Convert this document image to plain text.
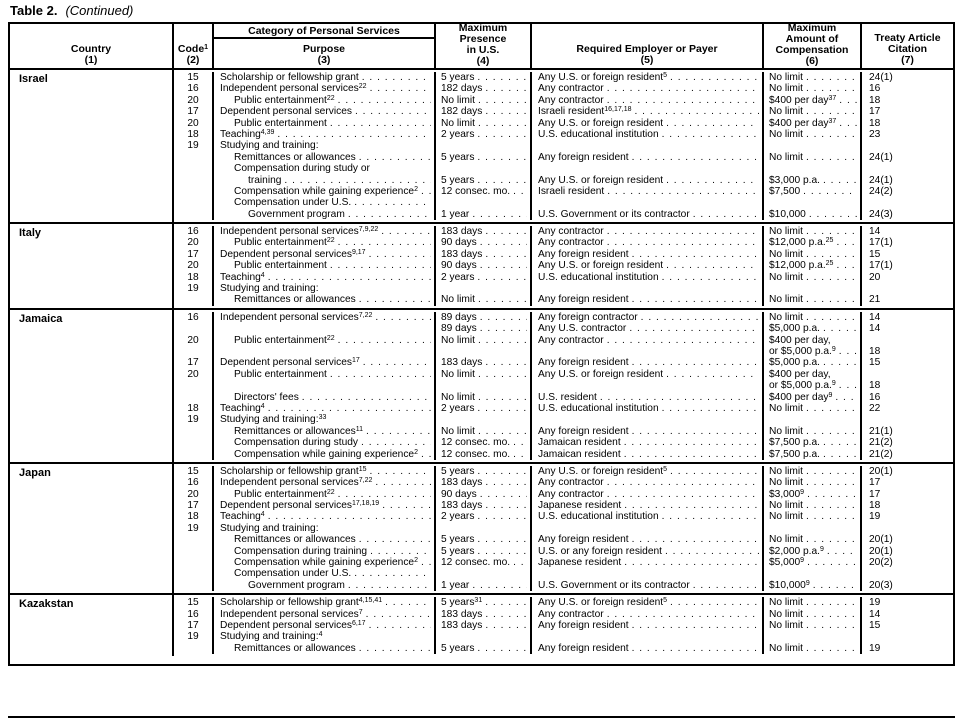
Table 2. (Continued)
Country
(1)
Code$^1$
(2)
Category of Personal Services
Purpose
(3)
Maximum
Presence
in U.S.
(4)
Required Employer or Payer
(5)
Maximum
Amount of
Compensation
(6)
Treaty Article
Citation
(7)
Israel	15 Scholarship or fellowship grant . . .	5 years . . .	Any U.S. or foreign resident 5 . . .	No limit . . .	24(1)
16 Independent personal services 22 . . .	182 days . . .	Any contractor . . .	No limit . . .	16
20	Public entertainment 22 . . .	No limit . . .	Any contractor . . .	$400 per day 37 . . .	18
17 Dependent personal services . . .	182 days . . .	Israeli resident 16,17,18 . . .	No limit . . .	17
20	Public entertainment . . .	No limit . . .	Any U.S. or foreign resident . . .	$400 per day 37 . . .	18
18 Teaching 4,39 . . .	2 years . . .	U.S. educational institution . . .	No limit . . .	23
19 Studying and training:
Remittances or allowances . . .	5 years . . .	Any foreign resident . . .	No limit . . .	24(1)
Compensation during study or
training . . .	5 years . . .	Any U.S. or foreign resident . . .	$3,000 p.a. . . .	24(1)
Compensation while gaining experience 2 . . . 12 consec. mo. . . .	Israeli resident . . .	$7,500 . . .	24(2)
Compensation under U.S.
. . .
Government program . . .	1 year . . .	U.S. Government or its contractor . . .	$10,000 . . .	24(3)
Italy	16 Independent personal services 7,9,22 . . .	183 days . . .	Any contractor . . .	No limit . . .	14
20	Public entertainment 22 . . .	90 days . . .	Any contractor . . .	$12,000 p.a. 25 . . .	17(1)
17 Dependent personal services 9,17 . . .	183 days . . .	Any foreign resident . . .	No limit . . .	15
20	Public entertainment . . .	90 days . . .	Any U.S. or foreign resident . . .	$12,000 p.a. 25 . . .	17(1)
18 Teaching 4 . . .	2 years . . .	U.S. educational institution . . .	No limit . . .	20
19 Studying and training:
Remittances or allowances . . .	No limit . . .	Any foreign resident . . .	No limit . . .	21
Jamaica	16 Independent personal services 7,22 . . .	89 days . . .	Any foreign contractor . . .	No limit . . .	14
89 days . . .	Any U.S. contractor . . .	$5,000 p.a. . . .	14
20	Public entertainment 22 . . .	No limit . . .	Any contractor . . .	$400 per day,
or $5,000 p.a. 9 . . .	18
17 Dependent personal services 17 . . .	183 days . . .	Any foreign resident . . .	$5,000 p.a. . . .	15
20	Public entertainment . . .	No limit . . .	Any U.S. or foreign resident . . .	$400 per day,
or $5,000 p.a. 9 . . .	18
Directors' fees . . .	No limit . . .	U.S. resident . . .	$400 per day 9 . . .	16
18 Teaching 4 . . .	2 years . . .	U.S. educational institution . . .	No limit . . .	22
19 Studying and training: 33
Remittances or allowances 11 . . .	No limit . . .	Any foreign resident . . .	No limit . . .	21(1)
Compensation during study . . .	12 consec. mo. . . .	Jamaican resident . . .	$7,500 p.a. . . .	21(2)
Compensation while gaining experience 2 . . . 12 consec. mo. . . .	Jamaican resident . . .	$7,500 p.a. . . .	21(2)
Japan	15 Scholarship or fellowship grant 15 . . .	5 years . . .	Any U.S. or foreign resident 5 . . .	No limit . . .	20(1)
16 Independent personal services 7,22 . . .	183 days . . .	Any contractor . . .	No limit . . .	17
20	Public entertainment 22 . . .	90 days . . .	Any contractor . . .	$3,000 9 . . .	17
17 Dependent personal services 17,18,19 . . .	183 days . . .	Japanese resident . . .	No limit . . .	18
18 Teaching 4 . . .	2 years . . .	U.S. educational institution . . .	No limit . . .	19
19 Studying and training:
Remittances or allowances . . .	5 years . . .	Any foreign resident . . .	No limit . . .	20(1)
Compensation during training . . .	5 years . . .	U.S. or any foreign resident . . .	$2,000 p.a. 9 . . .	20(1)
Compensation while gaining experience 2 . . . 12 consec. mo. . . .	Japanese resident . . .	$5,000 9 . . .	20(2)
Compensation under U.S.
. . .
Government program . . .	1 year . . .	U.S. Government or its contractor . . .	$10,000 9 . . .	20(3)
Kazakstan	15 Scholarship or fellowship grant 4,15,41 . . .	5 years 31 . . .	Any U.S. or foreign resident 5 . . .	No limit . . .	19
16 Independent personal services 7 . . .	183 days . . .	Any contractor . . .	No limit . . .	14
17 Dependent personal services 6,17 . . .	183 days . . .	Any foreign resident . . .	No limit . . .	15
19 Studying and training: 4
Remittances or allowances . . .	5 years . . .	Any foreign resident . . .	No limit . . .	19
